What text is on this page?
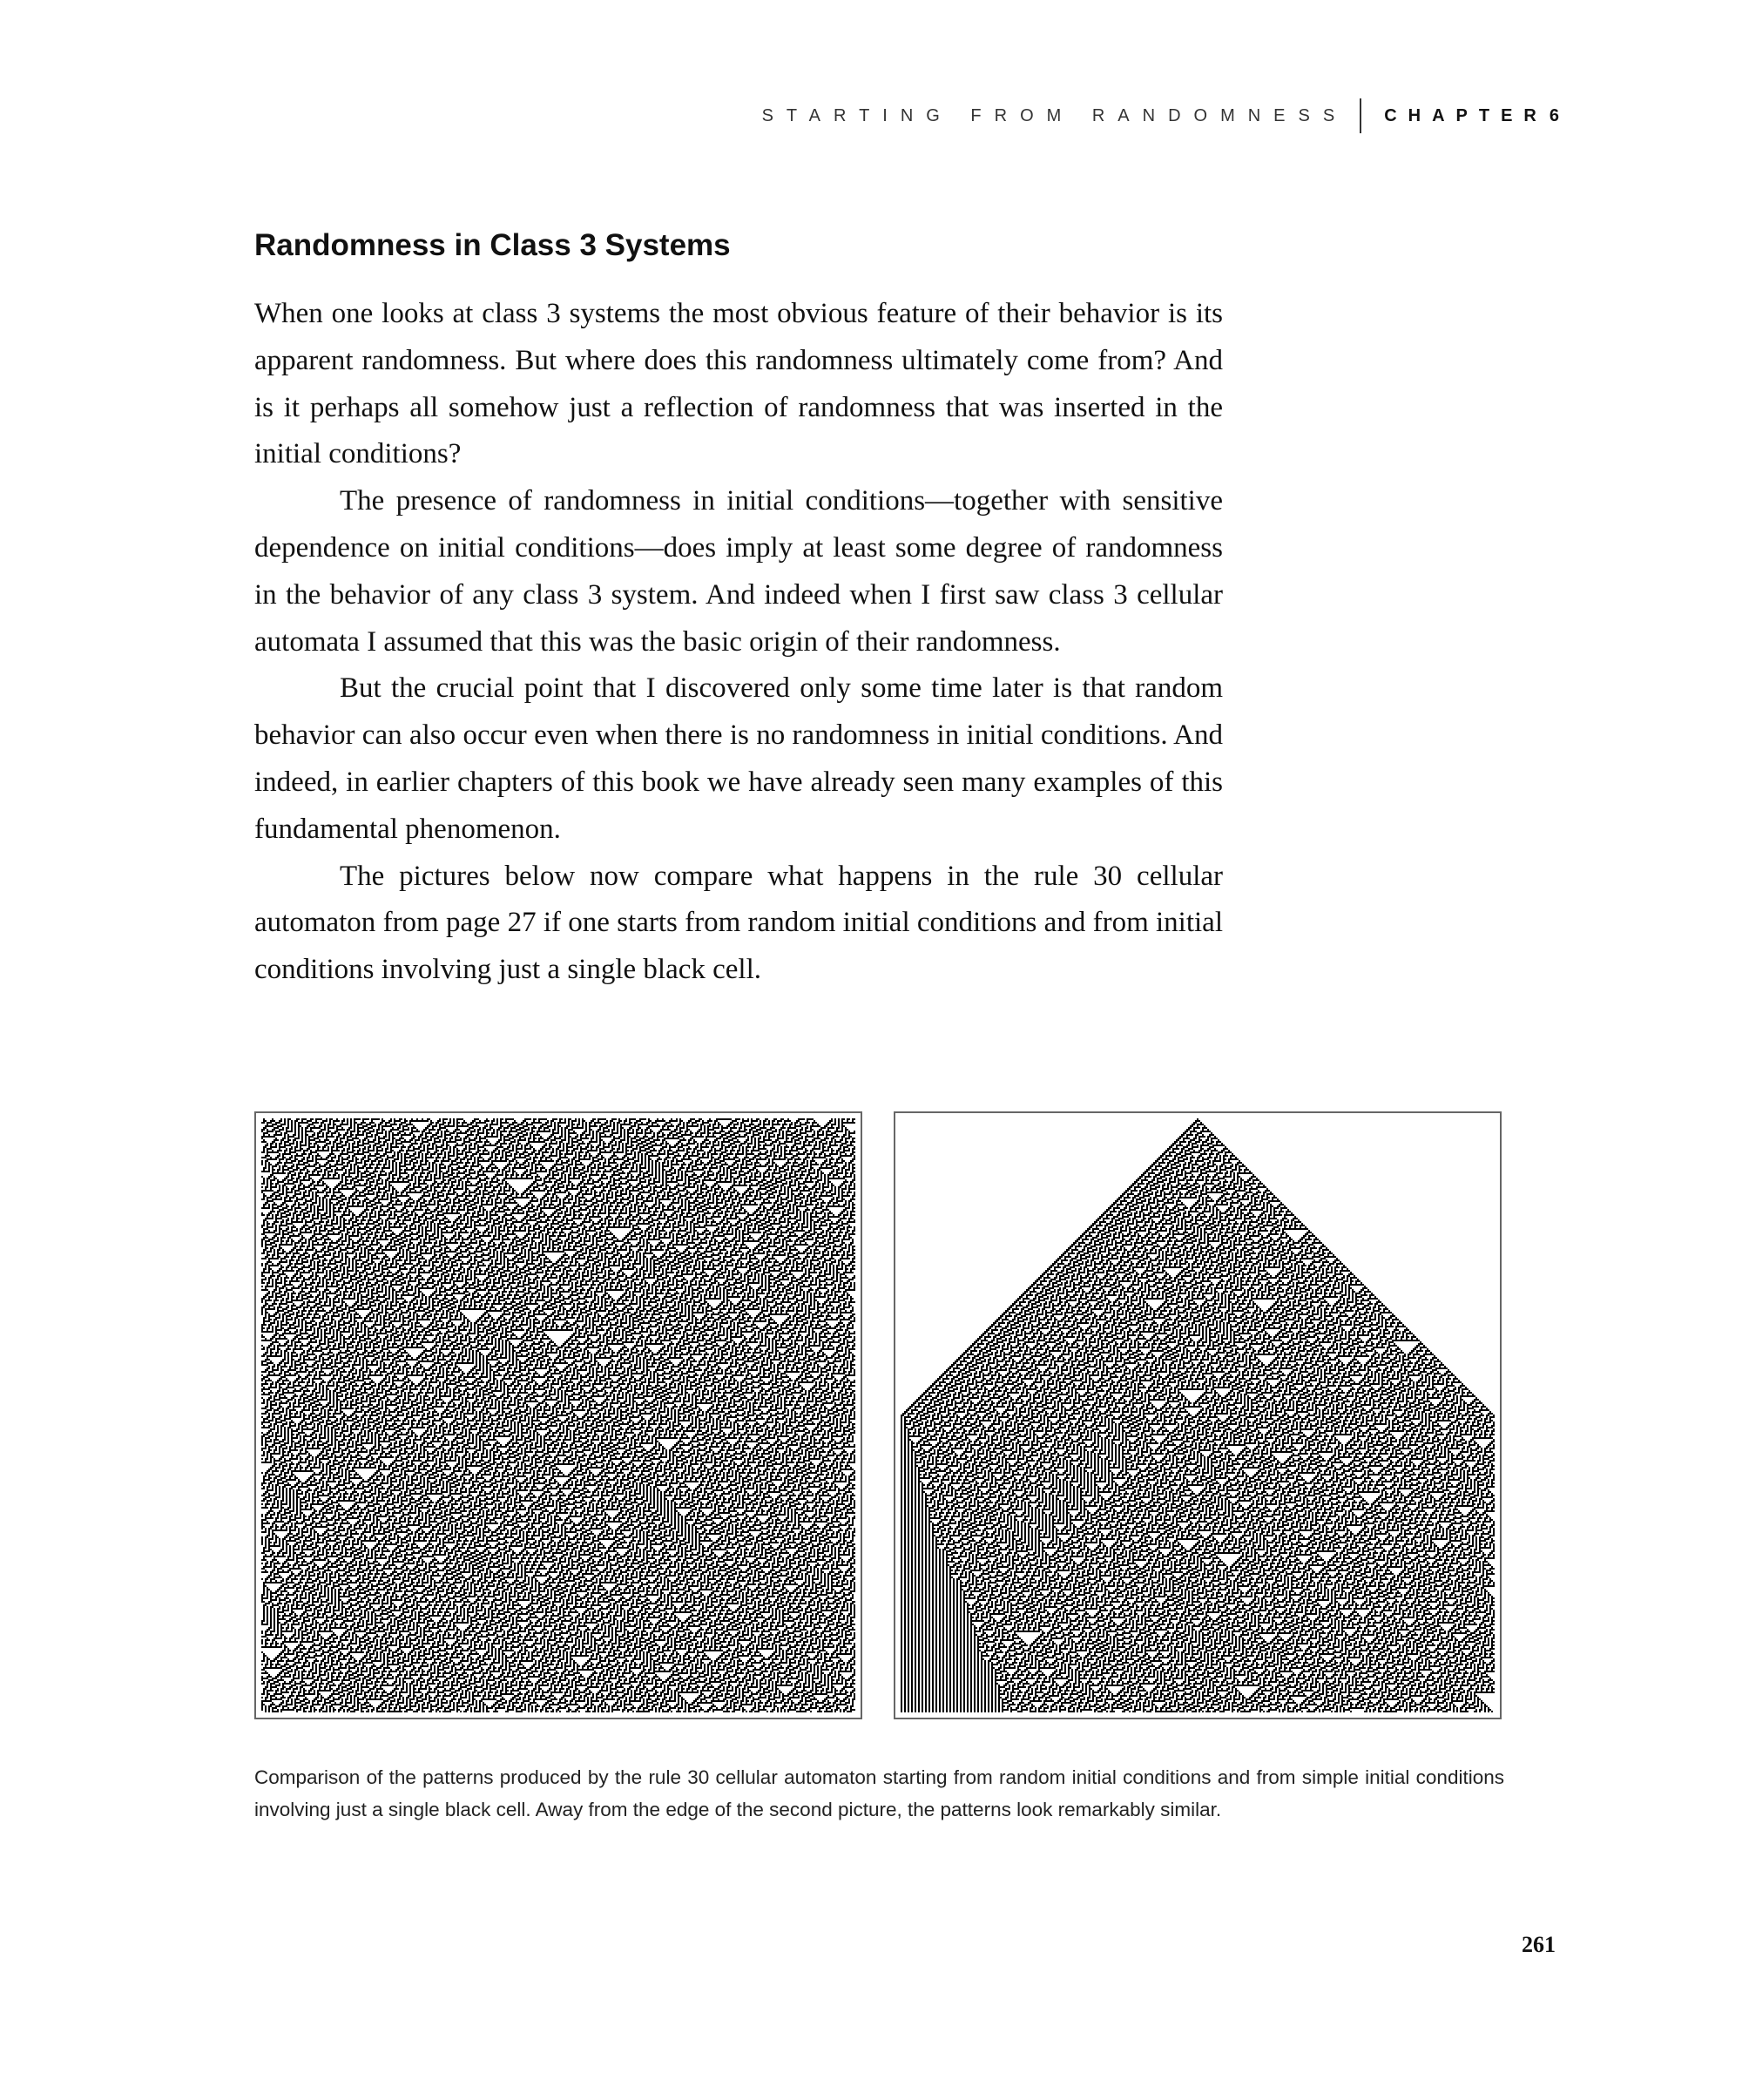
STARTING FROM RANDOMNESS CHAPTER 6
Randomness in Class 3 Systems

When one looks at class 3 systems the most obvious feature of their behavior is its apparent randomness. But where does this randomness ultimately come from? And is it perhaps all somehow just a reflection of randomness that was inserted in the initial conditions?

The presence of randomness in initial conditions—together with sensitive dependence on initial conditions—does imply at least some degree of randomness in the behavior of any class 3 system. And indeed when I first saw class 3 cellular automata I assumed that this was the basic origin of their randomness.

But the crucial point that I discovered only some time later is that random behavior can also occur even when there is no randomness in initial conditions. And indeed, in earlier chapters of this book we have already seen many examples of this fundamental phenomenon.

The pictures below now compare what happens in the rule 30 cellular automaton from page 27 if one starts from random initial conditions and from initial conditions involving just a single black cell.

Comparison of the patterns produced by the rule 30 cellular automaton starting from random initial conditions and from simple initial conditions involving just a single black cell. Away from the edge of the second picture, the patterns look remarkably similar.

261
